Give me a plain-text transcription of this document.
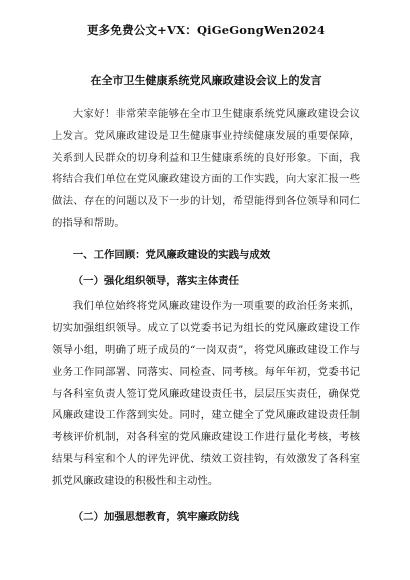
更多免费公文+VX：QiGeGongWen2024
在全市卫生健康系统党风廉政建设会议上的发言

大家好！非常荣幸能够在全市卫生健康系统党风廉政建设会议上发言。党风廉政建设是卫生健康事业持续健康发展的重要保障，关系到人民群众的切身利益和卫生健康系统的良好形象。下面，我将结合我们单位在党风廉政建设方面的工作实践，向大家汇报一些做法、存在的问题以及下一步的计划，希望能得到各位领导和同仁的指导和帮助。

一、工作回顾：党风廉政建设的实践与成效
（一）强化组织领导，落实主体责任

我们单位始终将党风廉政建设作为一项重要的政治任务来抓，切实加强组织领导。成立了以党委书记为组长的党风廉政建设工作领导小组，明确了班子成员的“一岗双责”，将党风廉政建设工作与业务工作同部署、同落实、同检查、同考核。每年年初，党委书记与各科室负责人签订党风廉政建设责任书，层层压实责任，确保党风廉政建设工作落到实处。同时，建立健全了党风廉政建设责任制考核评价机制，对各科室的党风廉政建设工作进行量化考核，考核结果与科室和个人的评先评优、绩效工资挂钩，有效激发了各科室抓党风廉政建设的积极性和主动性。

（二）加强思想教育，筑牢廉政防线
